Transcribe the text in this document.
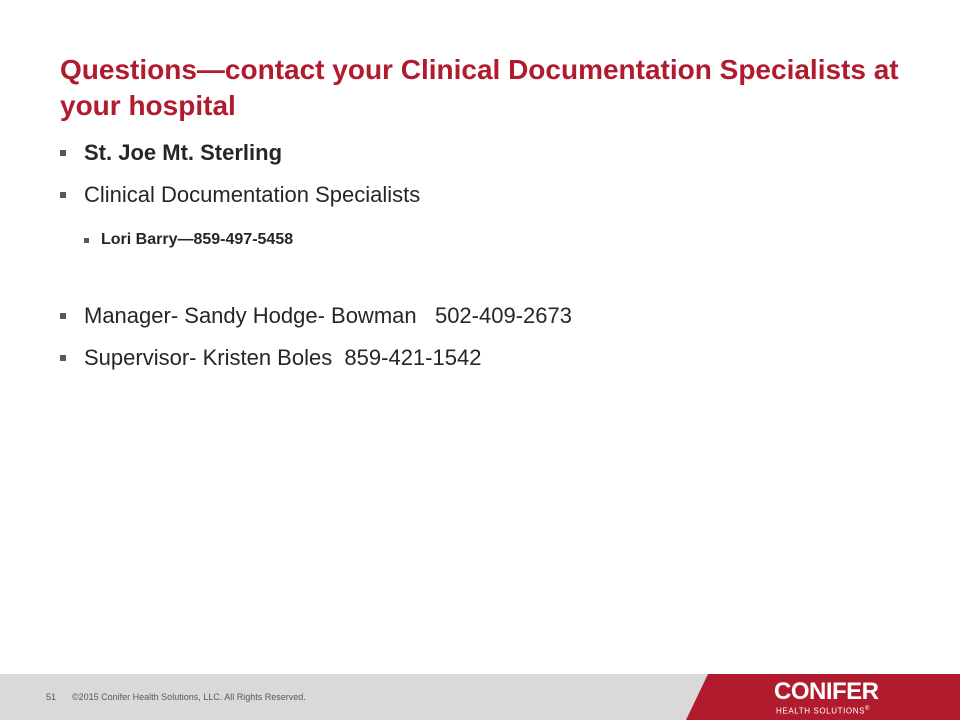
Questions—contact your Clinical Documentation Specialists at your hospital
St. Joe Mt. Sterling
Clinical Documentation Specialists
Lori Barry—859-497-5458
Manager- Sandy Hodge- Bowman   502-409-2673
Supervisor- Kristen Boles  859-421-1542
51 ©2015 Conifer Health Solutions, LLC. All Rights Reserved.	CONIFER
HEALTH SOLUTIONS®
